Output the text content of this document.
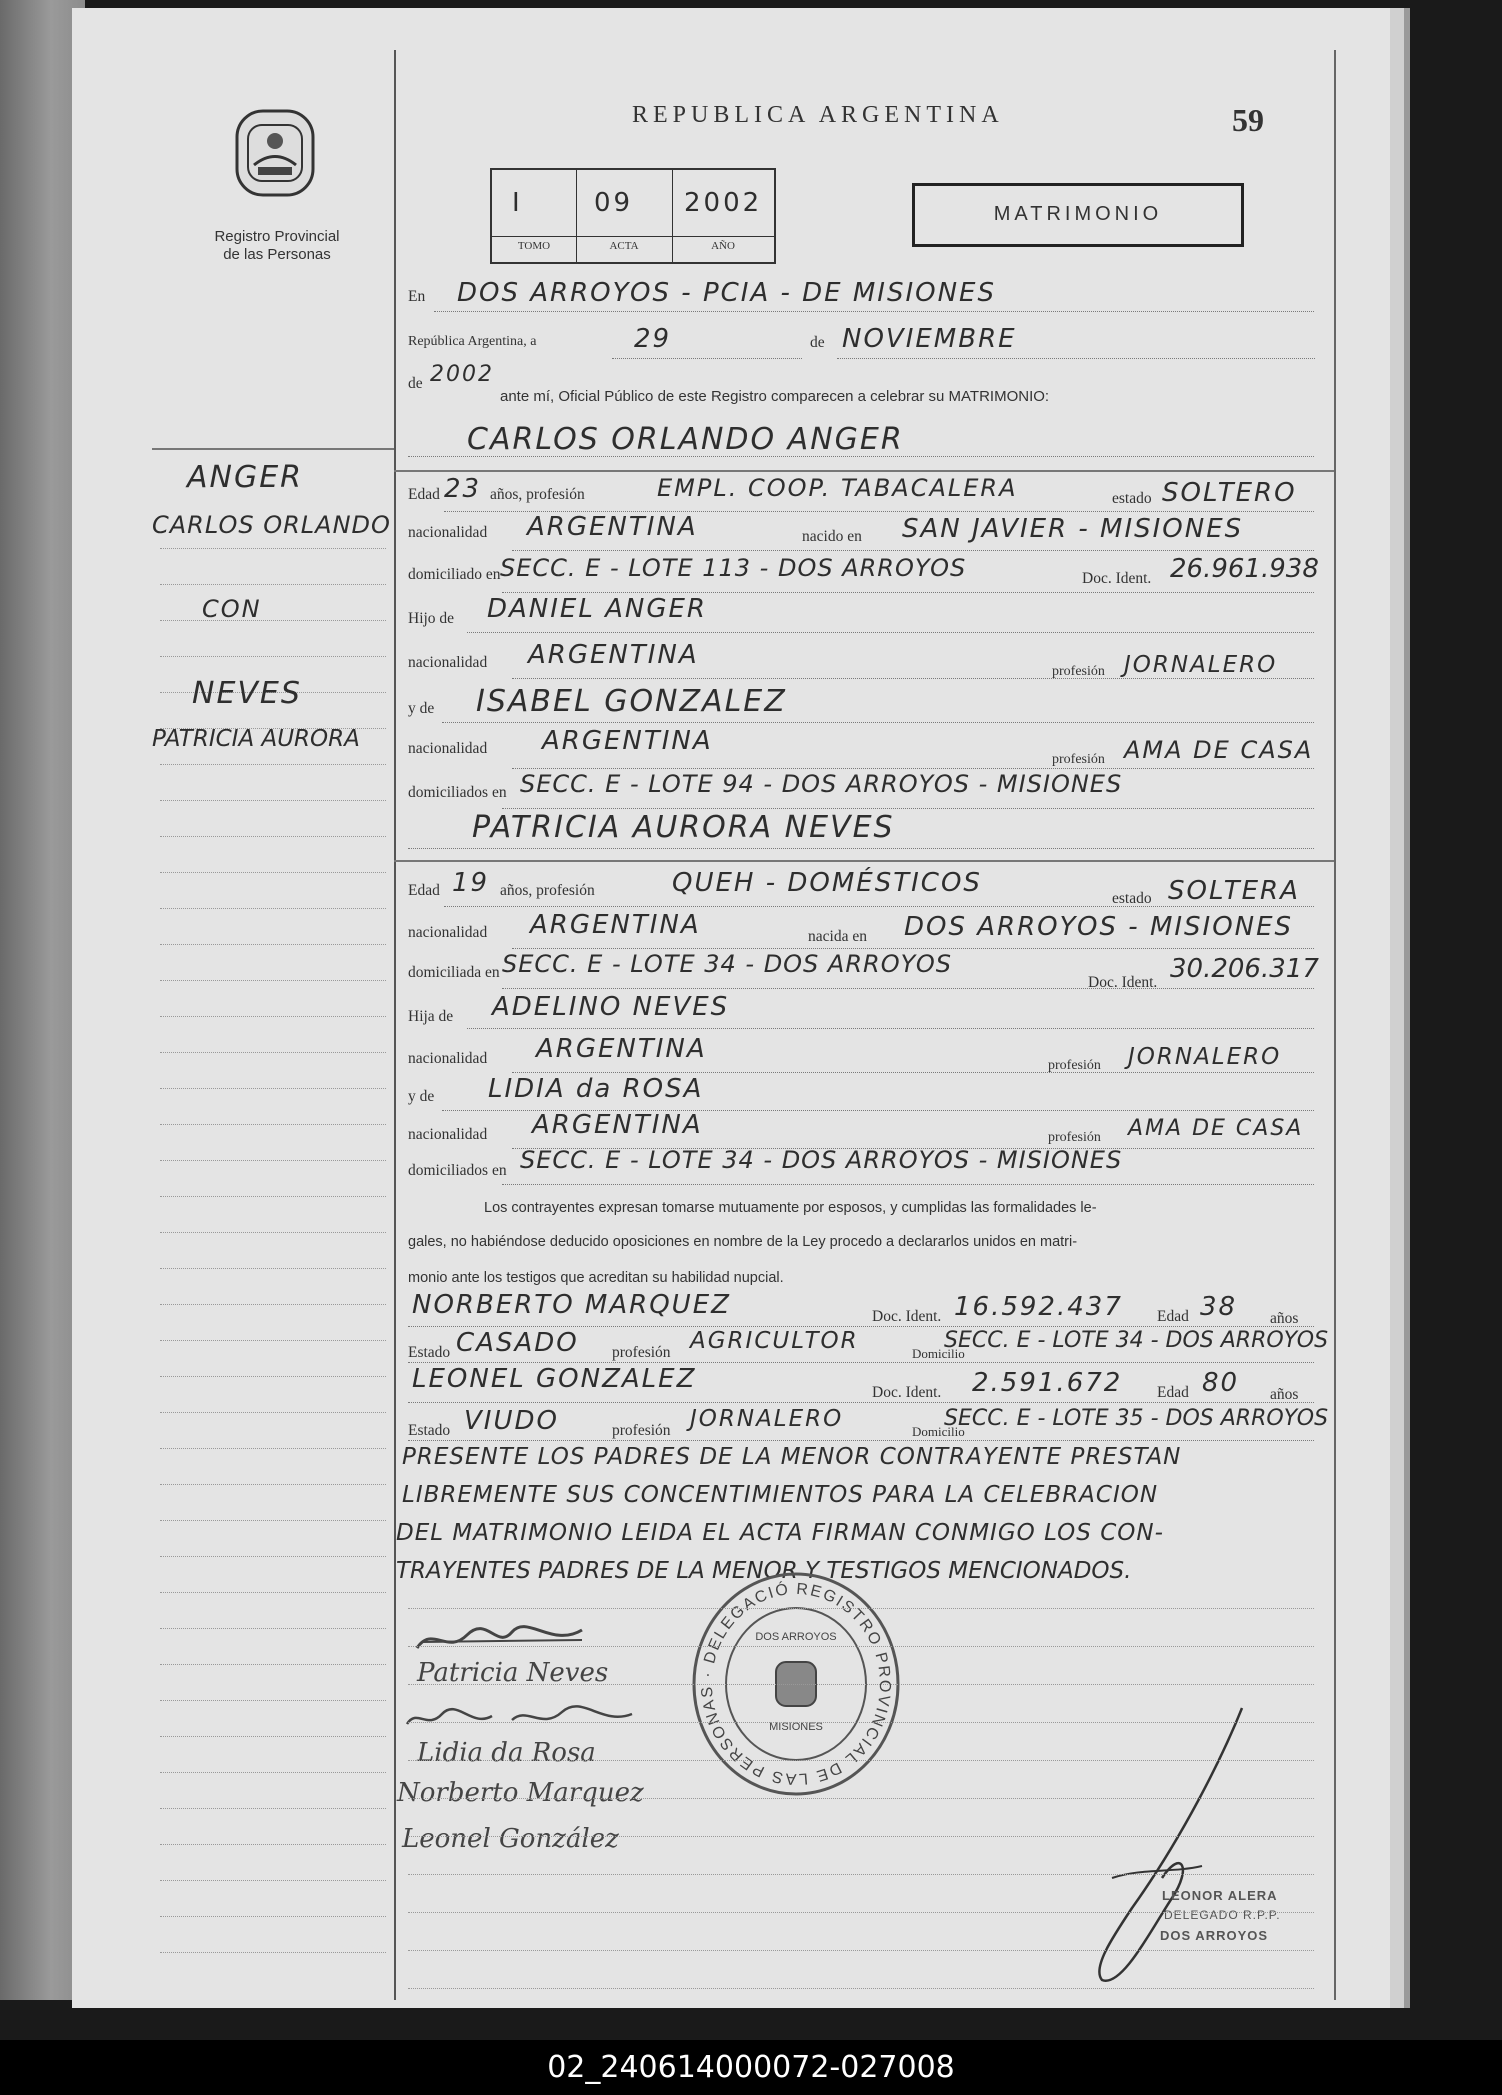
Registro Provincial
de las Personas
REPUBLICA ARGENTINA	59
I
TOMO
09
ACTA
2002
AÑO
MATRIMONIO
En DOS ARROYOS - PCIA - DE MISIONES
República Argentina, a	29	de NOVIEMBRE
de 2002
ante mí, Oficial Público de este Registro comparecen a celebrar su MATRIMONIO:
CARLOS ORLANDO ANGER
ANGER
CARLOS ORLANDO
CON
NEVES
PATRICIA AURORA
Edad 23 años, profesión	EMPL. COOP. TABACALERA	estado SOLTERO
nacionalidad ARGENTINA	nacido en SAN JAVIER - MISIONES
domiciliado en SECC. E - LOTE 113 - DOS ARROYOS	Doc. Ident. 26.961.938
Hijo de DANIEL ANGER
nacionalidad ARGENTINA
profesión JORNALERO
y de ISABEL GONZALEZ
nacionalidad ARGENTINA
profesión AMA DE CASA
domiciliados en SECC. E - LOTE 94 - DOS ARROYOS - MISIONES
PATRICIA AURORA NEVES
Edad 19 años, profesión	QUEH - DOMÉSTICOS
estado SOLTERA
nacionalidad ARGENTINA	nacida en DOS ARROYOS - MISIONES
domiciliada en SECC. E - LOTE 34 - DOS ARROYOS
Doc. Ident. 30.206.317
Hija de ADELINO NEVES
nacionalidad ARGENTINA
profesión JORNALERO
y de LIDIA da ROSA
nacionalidad ARGENTINA	profesión AMA DE CASA
domiciliados en SECC. E - LOTE 34 - DOS ARROYOS - MISIONES
Los contrayentes expresan tomarse mutuamente por esposos, y cumplidas las formalidades le-
gales, no habiéndose deducido oposiciones en nombre de la Ley procedo a declararlos unidos en matri-
monio ante los testigos que acreditan su habilidad nupcial.
NORBERTO MARQUEZ	Doc. Ident. 16.592.437 Edad 38 años
Estado CASADO profesión AGRICULTOR	Domicilio
SECC. E - LOTE 34 - DOS ARROYOS
LEONEL GONZALEZ	Doc. Ident. 2.591.672 Edad 80 años
Estado VIUDO	profesión JORNALERO	Domicilio
SECC. E - LOTE 35 - DOS ARROYOS
PRESENTE LOS PADRES DE LA MENOR CONTRAYENTE PRESTAN
LIBREMENTE SUS CONCENTIMIENTOS PARA LA CELEBRACION
DEL MATRIMONIO LEIDA EL ACTA FIRMAN CONMIGO LOS CON-
TRAYENTES PADRES DE LA MENOR Y TESTIGOS MENCIONADOS.
Patricia Neves
Lidia da Rosa
Norberto Marquez
Leonel González
REGISTRO PROVINCIAL DE LAS PERSONAS · DELEGACIÓ
DOS ARROYOS
MISIONES
LEONOR ALERA
DELEGADO R.P.P.
DOS ARROYOS
02_240614000072-027008
